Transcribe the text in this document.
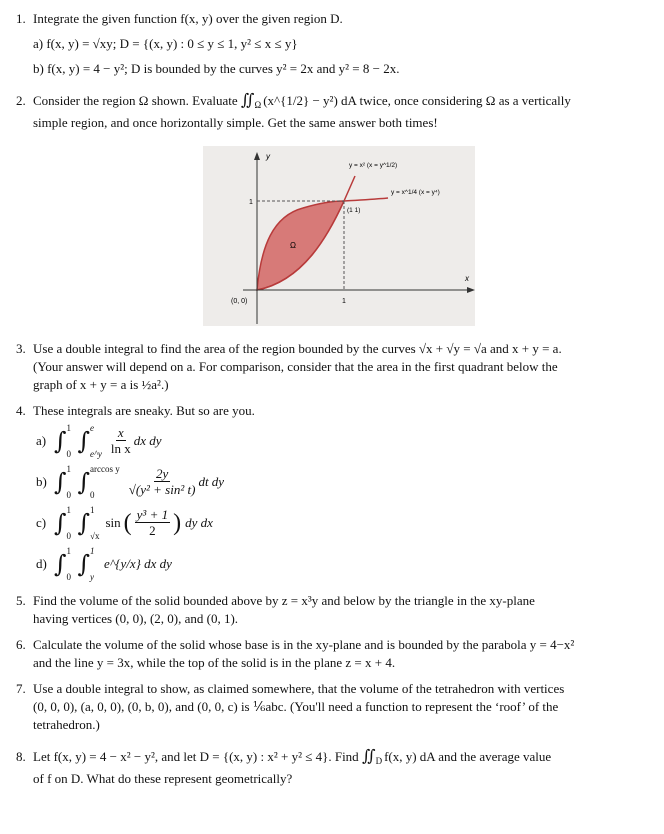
1. Integrate the given function f(x, y) over the given region D.
a) f(x, y) = √xy; D = {(x, y) : 0 ≤ y ≤ 1, y² ≤ x ≤ y}
b) f(x, y) = 4 − y²; D is bounded by the curves y² = 2x and y² = 8 − 2x.
2. Consider the region Ω shown. Evaluate ∬Ω (x^{1/2} − y²) dA twice, once considering Ω as a vertically
simple region, and once horizontally simple. Get the same answer both times!
y
x
y = x² (x = y^1/2)
y = x^1/4 (x = y⁴)
(1 1)
(0, 0)	1
1
Ω
3. Use a double integral to find the area of the region bounded by the curves √x + √y = √a and x + y = a.
(Your answer will depend on a. For comparison, consider that the area in the first quadrant below the
graph of x + y = a is ½a².)
4. These integrals are sneaky. But so are you.
a) ∫ 1
0 ∫ e
e^y $\frac{x}{\text{ln x}}$ dx dy
b) ∫ 1
0 ∫ arccos y
0	$\frac{2y}{\text{√(y² + sin² t)}}$ dt dy
c) ∫ 1
0 ∫ 1
√x
sin ( $\frac{\text{y³ + 1}}{2}$ ) dy dx
d) ∫ 1
0 ∫ 1
y
e^{y/x} dx dy
5. Find the volume of the solid bounded above by z = x³y and below by the triangle in the xy-plane
having vertices (0, 0), (2, 0), and (0, 1).
6. Calculate the volume of the solid whose base is in the xy-plane and is bounded by the parabola y = 4−x²
and the line y = 3x, while the top of the solid is in the plane z = x + 4.
7. Use a double integral to show, as claimed somewhere, that the volume of the tetrahedron with vertices
(0, 0, 0), (a, 0, 0), (0, b, 0), and (0, 0, c) is ⅙abc. (You'll need a function to represent the ‘roof’ of the
tetrahedron.)
8. Let f(x, y) = 4 − x² − y², and let D = {(x, y) : x² + y² ≤ 4}. Find ∬D f(x, y) dA and the average value
of f on D. What do these represent geometrically?
